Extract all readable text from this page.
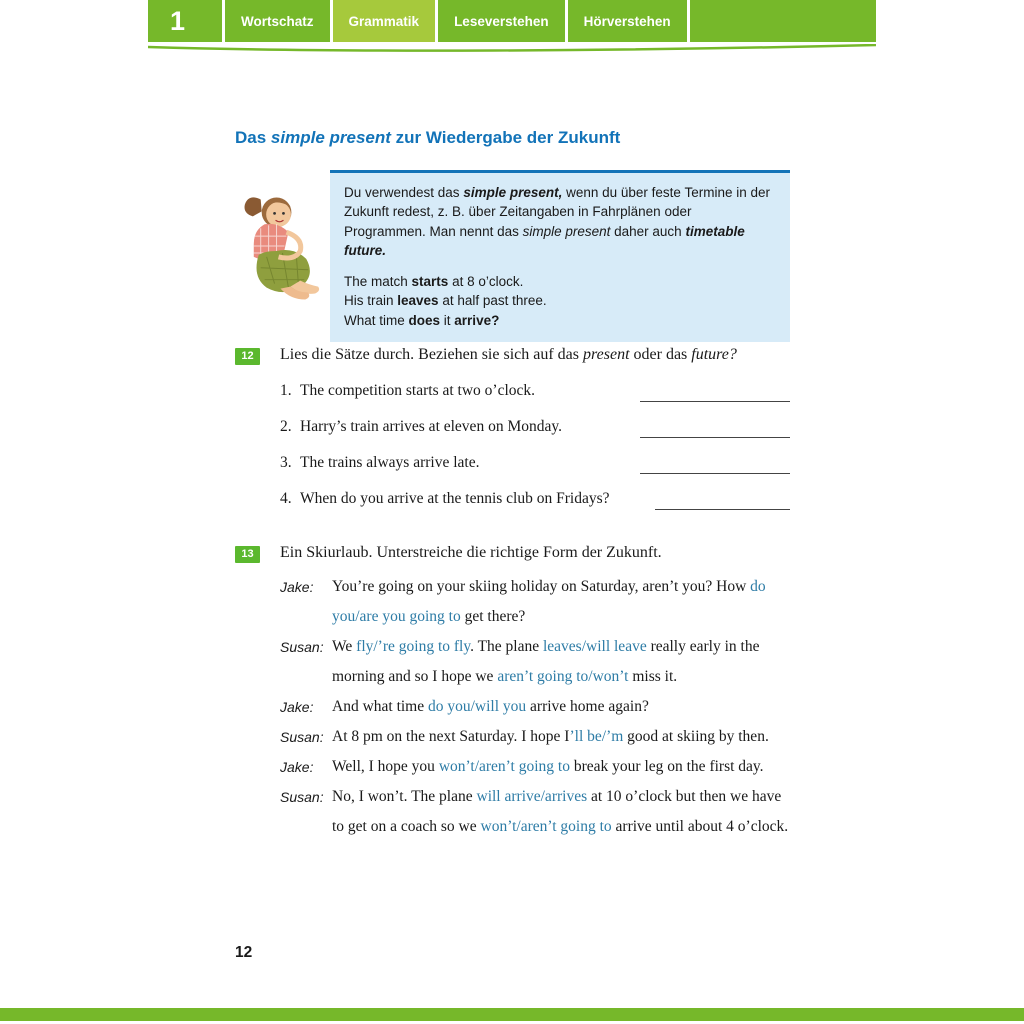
1	Wortschatz	Grammatik	Leseverstehen	Hörverstehen
Das simple present zur Wiedergabe der Zukunft

Du verwendest das simple present, wenn du über feste Termine in der Zukunft redest, z. B. über Zeitangaben in Fahrplänen oder Programmen. Man nennt das simple present daher auch timetable future.

The match starts at 8 o’clock.
His train leaves at half past three.
What time does it arrive?
12	Lies die Sätze durch. Beziehen sie sich auf das present oder das future?
1. The competition starts at two o’clock.
2. Harry’s train arrives at eleven on Monday.
3. The trains always arrive late.
4. When do you arrive at the tennis club on Fridays?
13	Ein Skiurlaub. Unterstreiche die richtige Form der Zukunft.
Jake:	You’re going on your skiing holiday on Saturday, aren’t you? How do you/are you going to get there?
Susan: We fly/’re going to fly. The plane leaves/will leave really early in the morning and so I hope we aren’t going to/won’t miss it.
Jake:	And what time do you/will you arrive home again?
Susan: At 8 pm on the next Saturday. I hope I’ll be/’m good at skiing by then.
Jake:	Well, I hope you won’t/aren’t going to break your leg on the first day.
Susan: No, I won’t. The plane will arrive/arrives at 10 o’clock but then we have to get on a coach so we won’t/aren’t going to arrive until about 4 o’clock.
12
